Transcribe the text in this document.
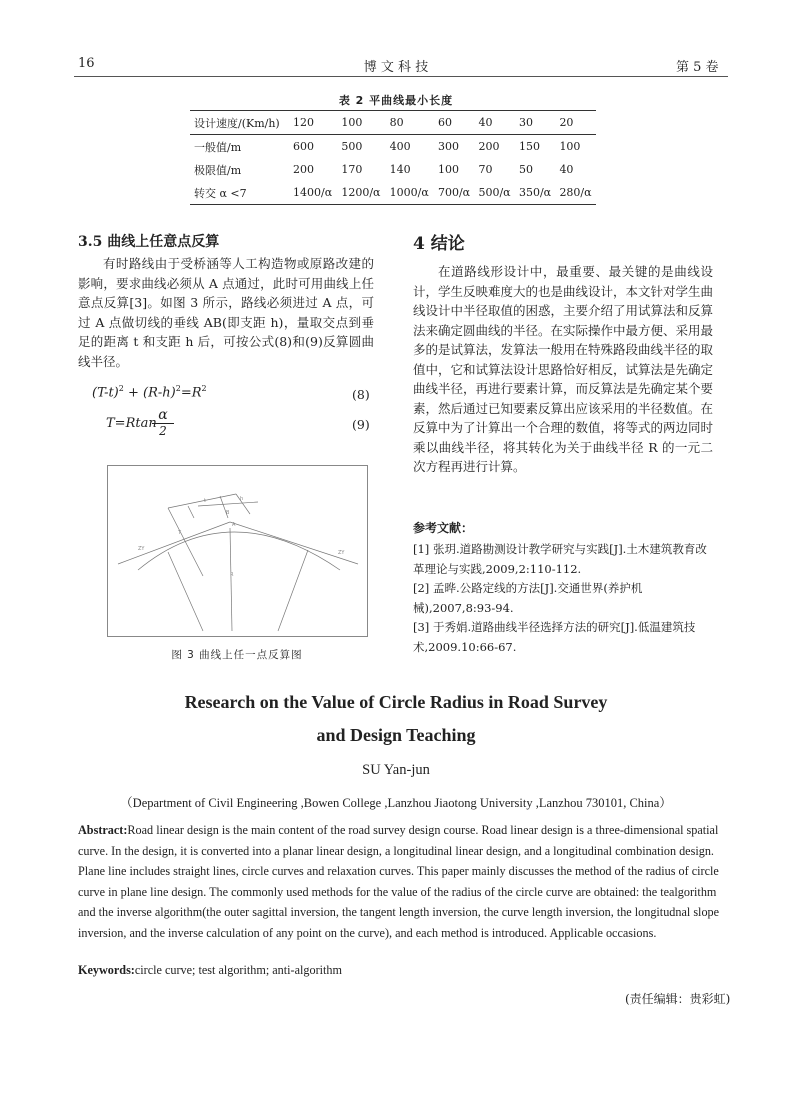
16	博 文 科 技	第 5 卷
表 2 平曲线最小长度
设计速度/(Km/h)	120	100	80	60	40	30	20
一般值/m	600	500	400	300	200	150	100
极限值/m	200	170	140	100	70	50	40
转交 α <7	1400/α	1200/α	1000/α	700/α	500/α	350/α	280/α
3.5 曲线上任意点反算
有时路线由于受桥涵等人工构造物或原路改建的影响，要求曲线必须从 A 点通过，此时可用曲线上任意点反算[3]。如图 3 所示，路线必须进过 A 点，可过 A 点做切线的垂线 AB(即支距 h)，量取交点到垂足的距离 t 和支距 h 后，可按公式(8)和(9)反算圆曲线半径。
$(T-t)^2 + (R-h)^2=R^2$	(8)
T=Rtan
α
2	(9)
T
B
A
R
ZY
ZY
h
t
图 3 曲线上任一点反算图
4 结论
在道路线形设计中，最重要、最关键的是曲线设计，学生反映难度大的也是曲线设计，本文针对学生曲线设计中半径取值的困惑，主要介绍了用试算法和反算法来确定圆曲线的半径。在实际操作中最方便、采用最多的是试算法，发算法一般用在特殊路段曲线半径的取值中，它和试算法设计思路恰好相反，试算法是先确定曲线半径，再进行要素计算，而反算法是先确定某个要素，然后通过已知要素反算出应该采用的半径数值。在反算中为了计算出一个合理的数值，将等式的两边同时乘以曲线半径，将其转化为关于曲线半径 R 的一元二次方程再进行计算。
参考文献：
[1] 张玥.道路勘测设计教学研究与实践[J].土木建筑教育改革理论与实践,2009,2:110-112.
[2] 孟晔.公路定线的方法[J].交通世界(养护机械),2007,8:93-94.
[3] 于秀娟.道路曲线半径选择方法的研究[J].低温建筑技术,2009.10:66-67.
Research on the Value of Circle Radius in Road Survey
and Design Teaching
SU Yan-jun
（Department of Civil Engineering ,Bowen College ,Lanzhou Jiaotong University ,Lanzhou 730101, China）
Abstract:Road linear design is the main content of the road survey design course. Road linear design is a three-dimensional spatial curve. In the design, it is converted into a planar linear design, a longitudinal linear design, and a longitudinal combination design. Plane line includes straight lines, circle curves and relaxation curves. This paper mainly discusses the method of the radius of circle curve in plane line design. The commonly used methods for the value of the radius of the circle curve are obtained: the tealgorithm and the inverse algorithm(the outer sagittal inversion, the tangent length inversion, the curve length inversion, the longitudnal slope inversion, and the inverse calculation of any point on the curve), and each method is introduced. Applicable occasions.
Keywords:circle curve; test algorithm; anti-algorithm
(责任编辑：贵彩虹)
